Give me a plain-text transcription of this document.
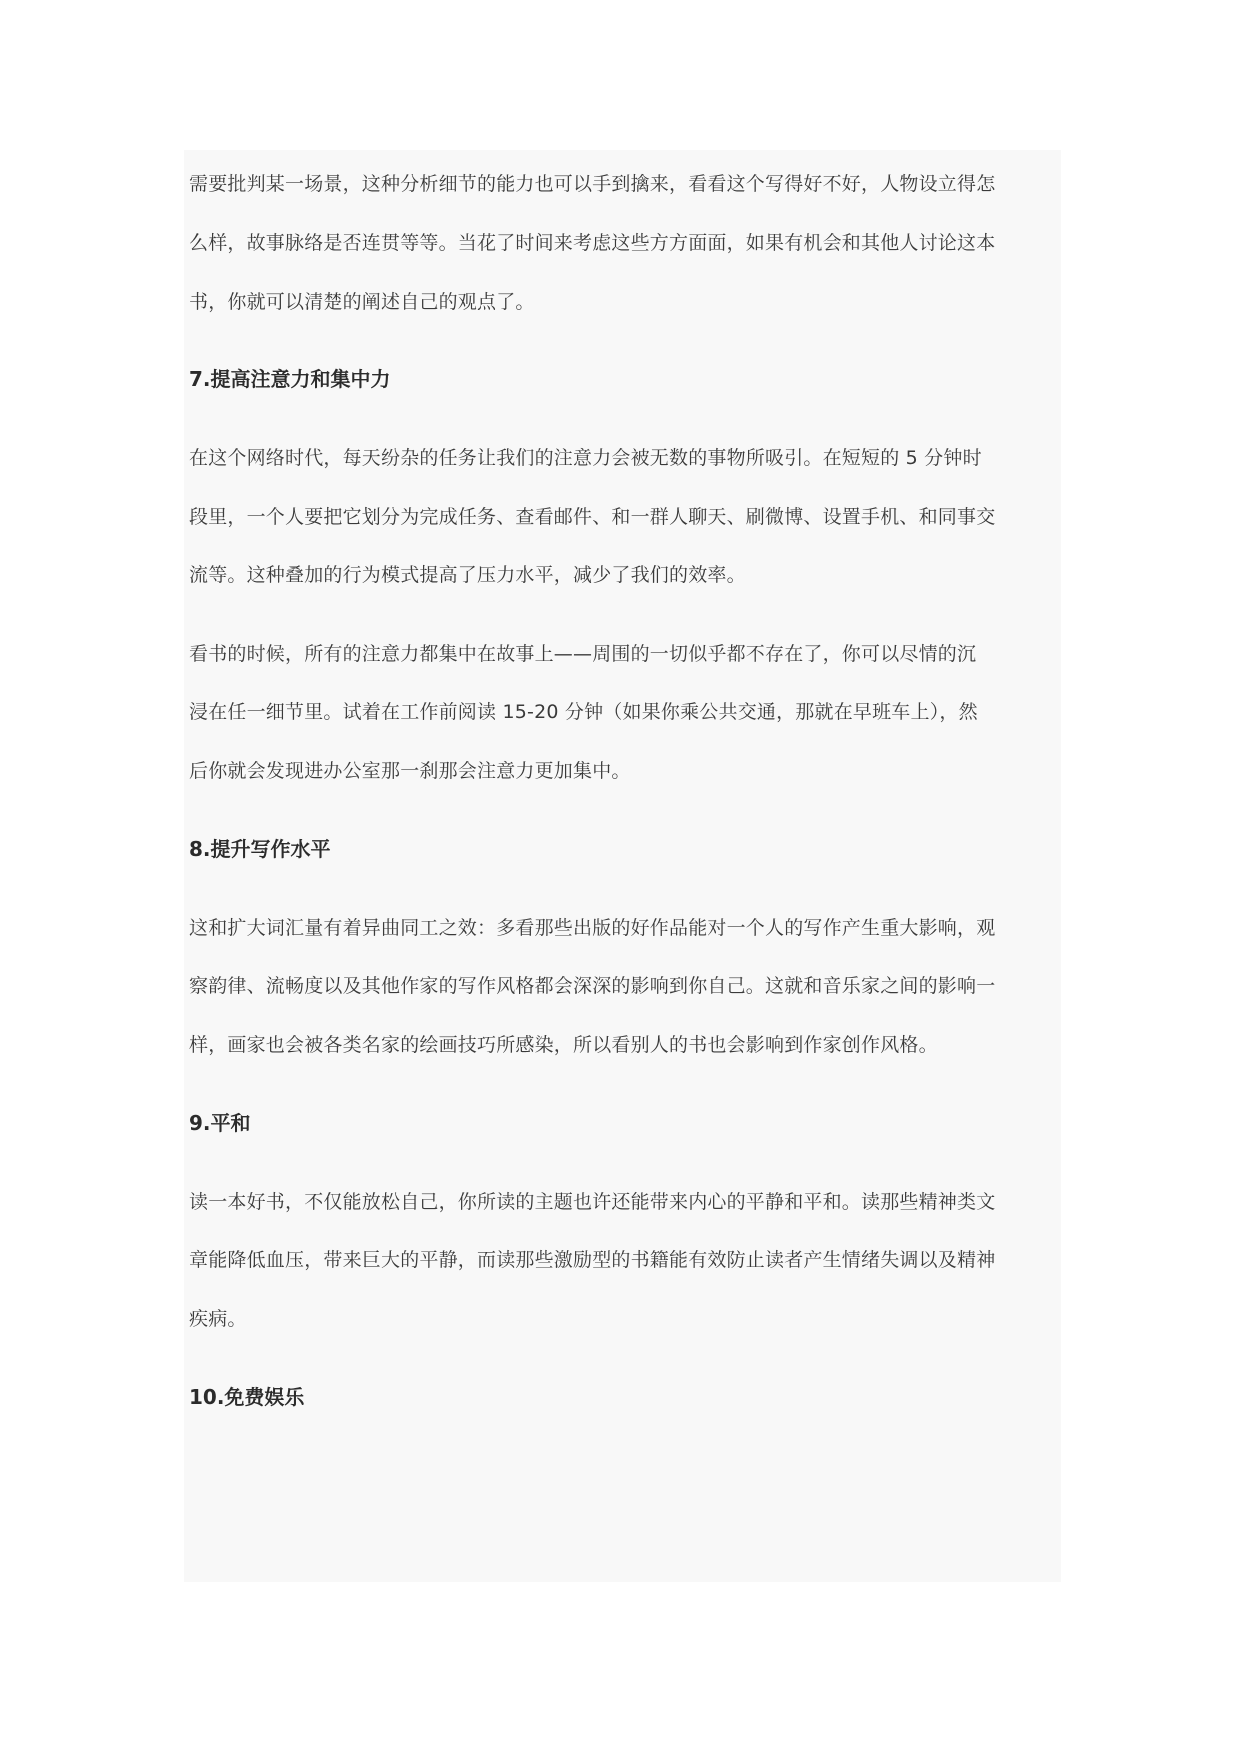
需要批判某一场景，这种分析细节的能力也可以手到擒来，看看这个写得好不好，人物设立得怎
么样，故事脉络是否连贯等等。当花了时间来考虑这些方方面面，如果有机会和其他人讨论这本
书，你就可以清楚的阐述自己的观点了。
7.提高注意力和集中力
在这个网络时代，每天纷杂的任务让我们的注意力会被无数的事物所吸引。在短短的 5 分钟时
段里，一个人要把它划分为完成任务、查看邮件、和一群人聊天、刷微博、设置手机、和同事交
流等。这种叠加的行为模式提高了压力水平，减少了我们的效率。
看书的时候，所有的注意力都集中在故事上——周围的一切似乎都不存在了，你可以尽情的沉
浸在任一细节里。试着在工作前阅读 15-20 分钟（如果你乘公共交通，那就在早班车上），然
后你就会发现进办公室那一刹那会注意力更加集中。
8.提升写作水平
这和扩大词汇量有着异曲同工之效：多看那些出版的好作品能对一个人的写作产生重大影响，观
察韵律、流畅度以及其他作家的写作风格都会深深的影响到你自己。这就和音乐家之间的影响一
样，画家也会被各类名家的绘画技巧所感染，所以看别人的书也会影响到作家创作风格。
9.平和
读一本好书，不仅能放松自己，你所读的主题也许还能带来内心的平静和平和。读那些精神类文
章能降低血压，带来巨大的平静，而读那些激励型的书籍能有效防止读者产生情绪失调以及精神
疾病。
10.免费娱乐
